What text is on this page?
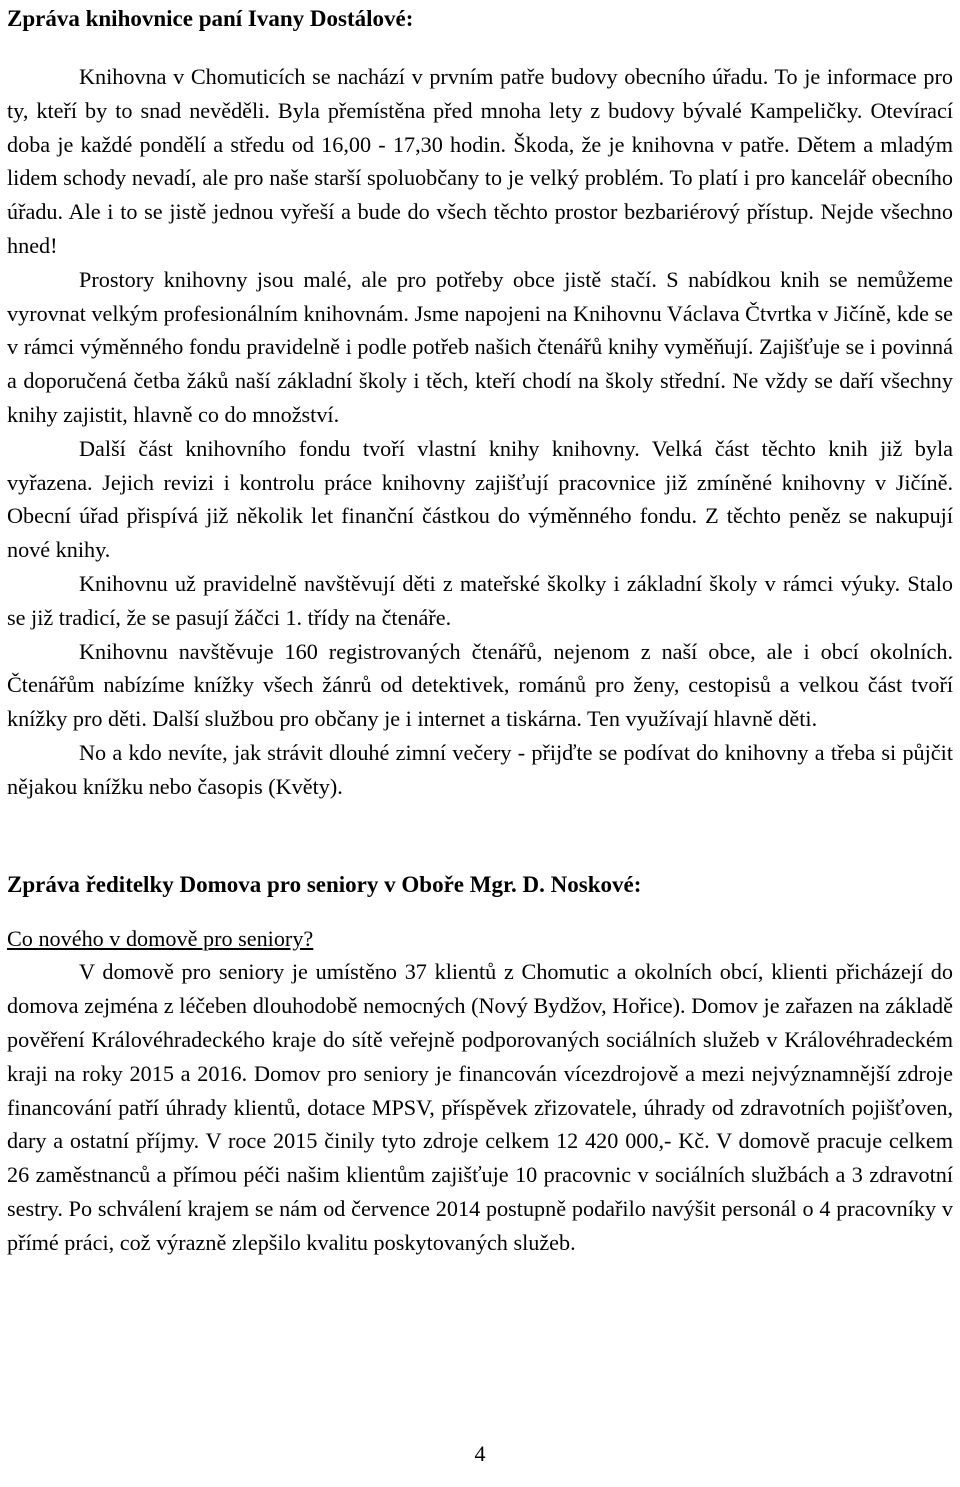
Zpráva knihovnice paní Ivany Dostálové:

Knihovna v Chomuticích se nachází v prvním patře budovy obecního úřadu. To je informace pro ty, kteří by to snad nevěděli. Byla přemístěna před mnoha lety z budovy bývalé Kampeličky. Otevírací doba je každé pondělí a středu od 16,00 - 17,30 hodin. Škoda, že je knihovna v patře. Dětem a mladým lidem schody nevadí, ale pro naše starší spoluobčany to je velký problém. To platí i pro kancelář obecního úřadu. Ale i to se jistě jednou vyřeší a bude do všech těchto prostor bezbariérový přístup. Nejde všechno hned!

Prostory knihovny jsou malé, ale pro potřeby obce jistě stačí. S nabídkou knih se nemůžeme vyrovnat velkým profesionálním knihovnám. Jsme napojeni na Knihovnu Václava Čtvrtka v Jičíně, kde se v rámci výměnného fondu pravidelně i podle potřeb našich čtenářů knihy vyměňují. Zajišťuje se i povinná a doporučená četba žáků naší základní školy i těch, kteří chodí na školy střední. Ne vždy se daří všechny knihy zajistit, hlavně co do množství.

Další část knihovního fondu tvoří vlastní knihy knihovny. Velká část těchto knih již byla vyřazena. Jejich revizi i kontrolu práce knihovny zajišťují pracovnice již zmíněné knihovny v Jičíně. Obecní úřad přispívá již několik let finanční částkou do výměnného fondu. Z těchto peněz se nakupují nové knihy.

Knihovnu už pravidelně navštěvují děti z mateřské školky i základní školy v rámci výuky. Stalo se již tradicí, že se pasují žáčci 1. třídy na čtenáře.

Knihovnu navštěvuje 160 registrovaných čtenářů, nejenom z naší obce, ale i obcí okolních. Čtenářům nabízíme knížky všech žánrů od detektivek, románů pro ženy, cestopisů a velkou část tvoří knížky pro děti. Další službou pro občany je i internet a tiskárna. Ten využívají hlavně děti.

No a kdo nevíte, jak strávit dlouhé zimní večery - přijďte se podívat do knihovny a třeba si půjčit nějakou knížku nebo časopis (Květy).

Zpráva ředitelky Domova pro seniory v Oboře Mgr. D. Noskové:
Co nového v domově pro seniory?

V domově pro seniory je umístěno 37 klientů z Chomutic a okolních obcí, klienti přicházejí do domova zejména z léčeben dlouhodobě nemocných (Nový Bydžov, Hořice). Domov je zařazen na základě pověření Královéhradeckého kraje do sítě veřejně podporovaných sociálních služeb v Královéhradeckém kraji na roky 2015 a 2016. Domov pro seniory je financován vícezdrojově a mezi nejvýznamnější zdroje financování patří úhrady klientů, dotace MPSV, příspěvek zřizovatele, úhrady od zdravotních pojišťoven, dary a ostatní příjmy. V roce 2015 činily tyto zdroje celkem 12 420 000,- Kč. V domově pracuje celkem 26 zaměstnanců a přímou péči našim klientům zajišťuje 10 pracovnic v sociálních službách a 3 zdravotní sestry. Po schválení krajem se nám od července 2014 postupně podařilo navýšit personál o 4 pracovníky v přímé práci, což výrazně zlepšilo kvalitu poskytovaných služeb.

4
